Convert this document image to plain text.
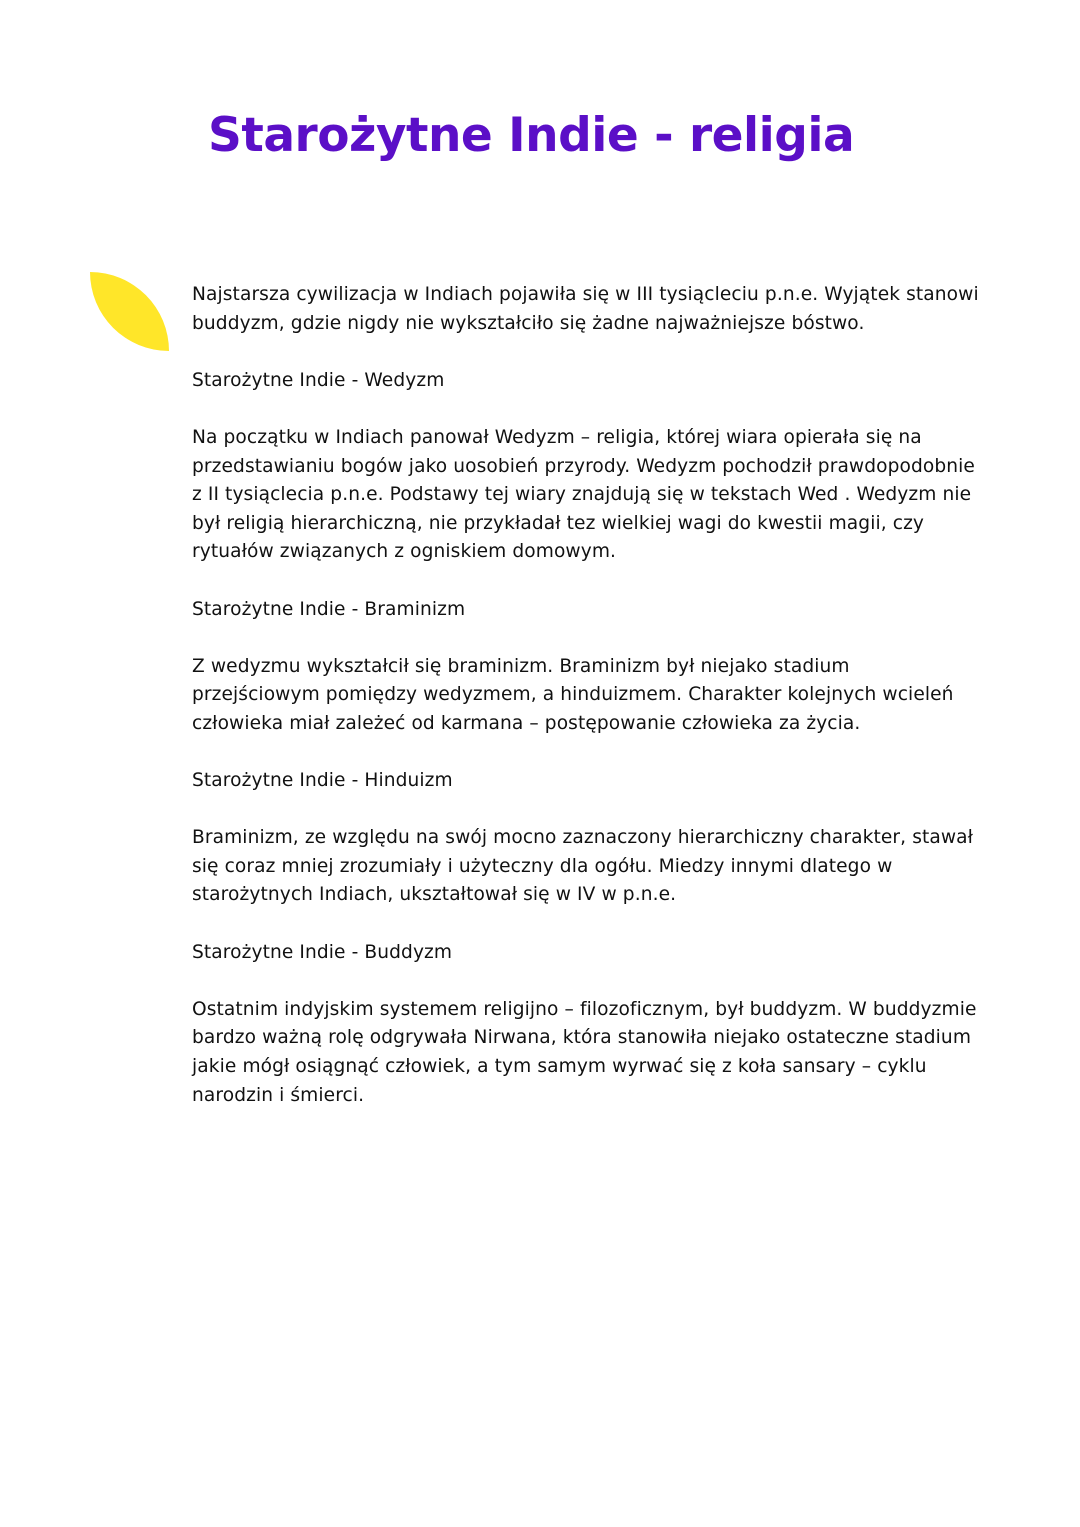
Starożytne Indie - religia

Najstarsza cywilizacja w Indiach pojawiła się w III tysiącleciu p.n.e. Wyjątek stanowi buddyzm, gdzie nigdy nie wykształciło się żadne najważniejsze bóstwo.

Starożytne Indie - Wedyzm

Na początku w Indiach panował Wedyzm – religia, której wiara opierała się na przedstawianiu bogów jako uosobień przyrody. Wedyzm pochodził prawdopodobnie z II tysiąclecia p.n.e. Podstawy tej wiary znajdują się w tekstach Wed . Wedyzm nie był religią hierarchiczną, nie przykładał tez wielkiej wagi do kwestii magii, czy rytuałów związanych z ogniskiem domowym.

Starożytne Indie - Braminizm

Z wedyzmu wykształcił się braminizm. Braminizm był niejako stadium przejściowym pomiędzy wedyzmem, a hinduizmem. Charakter kolejnych wcieleń człowieka miał zależeć od karmana – postępowanie człowieka za życia.

Starożytne Indie - Hinduizm

Braminizm, ze względu na swój mocno zaznaczony hierarchiczny charakter, stawał się coraz mniej zrozumiały i użyteczny dla ogółu. Miedzy innymi dlatego w starożytnych Indiach, ukształtował się w IV w p.n.e.

Starożytne Indie - Buddyzm

Ostatnim indyjskim systemem religijno – filozoficznym, był buddyzm. W buddyzmie bardzo ważną rolę odgrywała Nirwana, która stanowiła niejako ostateczne stadium jakie mógł osiągnąć człowiek, a tym samym wyrwać się z koła sansary – cyklu narodzin i śmierci.
